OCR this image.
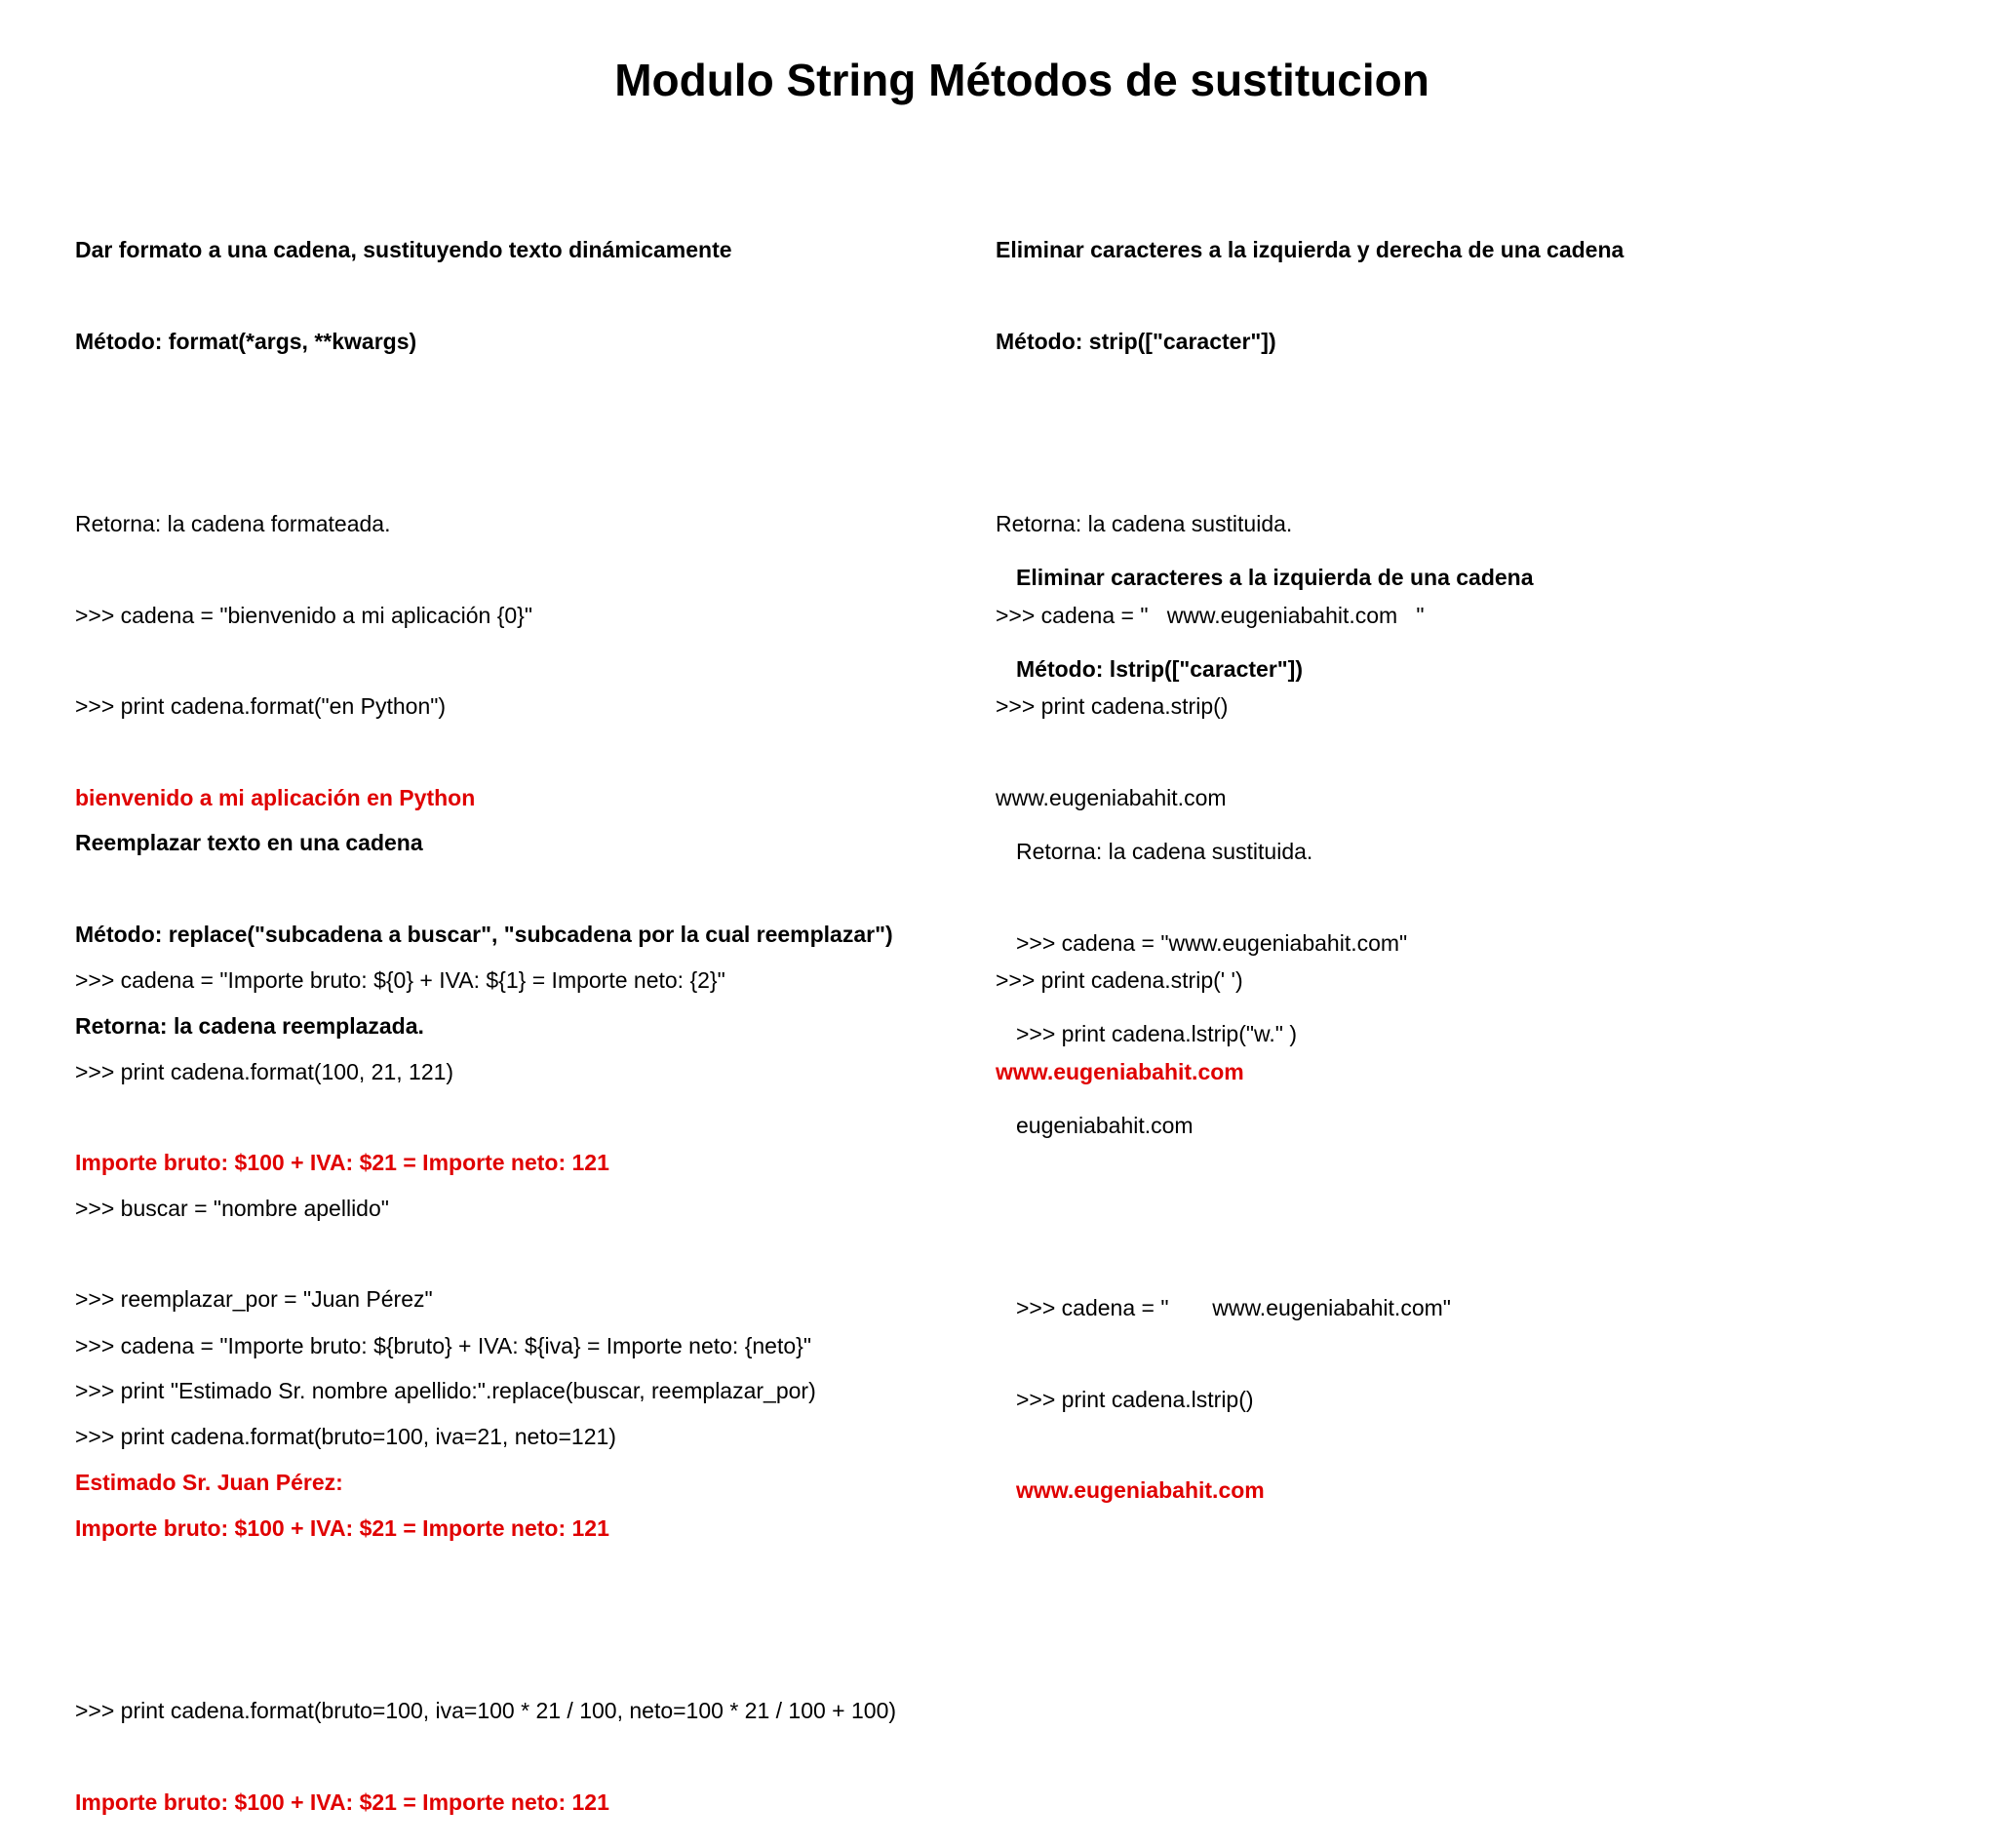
Modulo String Métodos de sustitucion

Dar formato a una cadena, sustituyendo texto dinámicamente

Método: format(*args, **kwargs)

Retorna: la cadena formateada.

>>> cadena = "bienvenido a mi aplicación {0}"

>>> print cadena.format("en Python")

bienvenido a mi aplicación en Python

>>> cadena = "Importe bruto: ${0} + IVA: ${1} = Importe neto: {2}"

>>> print cadena.format(100, 21, 121)

Importe bruto: $100 + IVA: $21 = Importe neto: 121

>>> cadena = "Importe bruto: ${bruto} + IVA: ${iva} = Importe neto: {neto}"

>>> print cadena.format(bruto=100, iva=21, neto=121)

Importe bruto: $100 + IVA: $21 = Importe neto: 121

>>> print cadena.format(bruto=100, iva=100 * 21 / 100, neto=100 * 21 / 100 + 100)

Importe bruto: $100 + IVA: $21 = Importe neto: 121

Reemplazar texto en una cadena

Método: replace("subcadena a buscar", "subcadena por la cual reemplazar")

Retorna: la cadena reemplazada.

>>> buscar = "nombre apellido"

>>> reemplazar_por = "Juan Pérez"

>>> print "Estimado Sr. nombre apellido:".replace(buscar, reemplazar_por)

Estimado Sr. Juan Pérez:

Eliminar caracteres a la izquierda y derecha de una cadena

Método: strip(["caracter"])

Retorna: la cadena sustituida.

>>> cadena = "   www.eugeniabahit.com   "

>>> print cadena.strip()

www.eugeniabahit.com

>>> print cadena.strip(' ')

www.eugeniabahit.com

Eliminar caracteres a la izquierda de una cadena

Método: lstrip(["caracter"])

Retorna: la cadena sustituida.

>>> cadena = "www.eugeniabahit.com"

>>> print cadena.lstrip("w." )

eugeniabahit.com

>>> cadena = "       www.eugeniabahit.com"

>>> print cadena.lstrip()

www.eugeniabahit.com
